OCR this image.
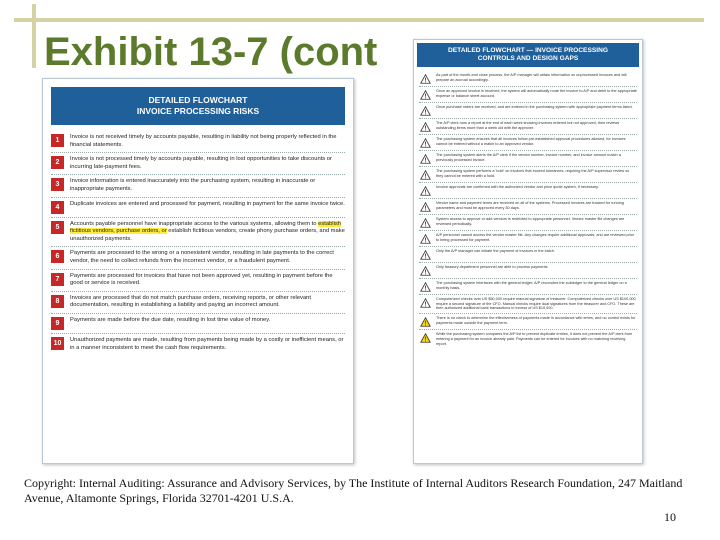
Exhibit 13-7 (cont
DETAILED FLOWCHART
INVOICE PROCESSING RISKS
1	Invoice is not received timely by accounts payable, resulting in liability not being properly reflected in the financial statements.
2	Invoice is not processed timely by accounts payable, resulting in lost opportunities to take discounts or incurring late-payment fees.
3	Invoice information is entered inaccurately into the purchasing system, resulting in inaccurate or inappropriate payments.
4	Duplicate invoices are entered and processed for payment, resulting in payment for the same invoice twice.
5	Accounts payable personnel have inappropriate access to the various systems, allowing them to establish fictitious vendors, purchase orders, or establish fictitious vendors, create phony purchase orders, and make unauthorized payments.
6	Payments are processed to the wrong or a nonexistent vendor, resulting in late payments to the correct vendor, the need to collect refunds from the incorrect vendor, or a fraudulent payment.
7	Payments are processed for invoices that have not been approved yet, resulting in payment before the good or service is received.
8	Invoices are processed that do not match purchase orders, receiving reports, or other relevant documentation, resulting in establishing a liability and paying an incorrect amount.
9	Payments are made before the due date, resulting in lost time value of money.
10	Unauthorized payments are made, resulting from payments being made by a costly or inefficient means, or in a manner inconsistent to meet the cash flow requirements.
DETAILED FLOWCHART — INVOICE PROCESSING
CONTROLS AND DESIGN GAPS
As part of the month-end close process, the A/P manager will obtain information on unprocessed invoices and will prepare an accrual accordingly.
Once an approved invoice is received, the system will automatically route the invoice to A/P and debit to the appropriate expense or balance sheet account.
Once purchase orders are received, and are entered in the purchasing system with appropriate payment terms listed.
The A/P clerk runs a report at the end of each week showing invoices entered but not approved, then reviews outstanding items more than a week old with the approver.
The purchasing system ensures that all invoices follow pre-established approval procedures allowed, for invoices cannot be entered without a match to an approved vendor.
The purchasing system alerts the A/P clerk if the vendor number, invoice number, and invoice amount match a previously processed invoice.
The purchasing system performs a 'hold' on invoices that exceed tolerances, requiring the A/P supervisor review so they cannot be entered with a hold.
Invoice approvals are confirmed with the authorized vendor and price quote system, if necessary.
Vendor name and payment terms are received on all of the systems. Processed invoices are tracked for running parameters and must be approved every 30 days.
System access to approve or add vendors is restricted to appropriate personnel. Vendor master file changes are reviewed periodically.
A/P personnel cannot access the vendor master file. Any changes require additional approvals, and are reviewed prior to being processed for payment.
Only the A/P manager can initiate the payment of invoices in the batch.
Only treasury department personnel are able to process payments.
The purchasing system interfaces with the general ledger; A/P reconciles the subledger to the general ledger on a monthly basis.
Computerized checks over US $50,000 require manual signature of treasurer. Computerized checks over US $100,000 require a second signature of the CFO. Manual checks require dual signatures from the treasurer and CFO. These are then authorized additional bank transactions in excess of US $10,000.
There is no check to determine the effectiveness of payments made in accordance with terms, and no control exists for payments made outside the payment term.
While the purchasing system compares the A/P list to prevent duplicate entries, it does not prevent the A/P clerk from entering a payment for an invoice already paid. Payments can be entered for invoices with no matching receiving report.
Copyright: Internal Auditing: Assurance and Advisory Services, by The Institute of Internal Auditors Research Foundation, 247 Maitland Avenue, Altamonte Springs, Florida 32701-4201 U.S.A.
10
